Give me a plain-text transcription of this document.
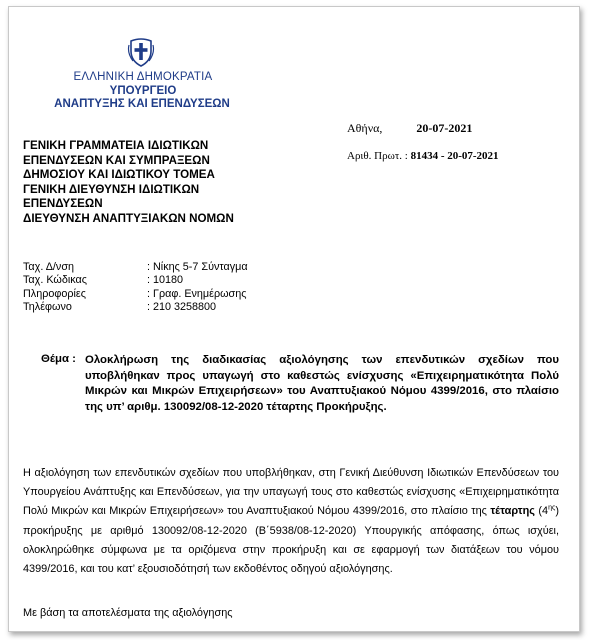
ΕΛΛΗΝΙΚΗ ΔΗΜΟΚΡΑΤΙΑ
ΥΠΟΥΡΓΕΙΟ
ΑΝΑΠΤΥΞΗΣ ΚΑΙ ΕΠΕΝΔΥΣΕΩΝ
Αθήνα,	20-07-2021
Αριθ. Πρωτ. : 81434 - 20-07-2021
ΓΕΝΙΚΗ ΓΡΑΜΜΑΤΕΙΑ ΙΔΙΩΤΙΚΩΝ
ΕΠΕΝΔΥΣΕΩΝ ΚΑΙ ΣΥΜΠΡΑΞΕΩΝ
ΔΗΜΟΣΙΟΥ ΚΑΙ ΙΔΙΩΤΙΚΟΥ ΤΟΜΕΑ
ΓΕΝΙΚΗ ΔΙΕΥΘΥΝΣΗ ΙΔΙΩΤΙΚΩΝ
ΕΠΕΝΔΥΣΕΩΝ
ΔΙΕΥΘΥΝΣΗ ΑΝΑΠΤΥΞΙΑΚΩΝ ΝΟΜΩΝ
Ταχ. Δ/νση	: Νίκης 5-7 Σύνταγμα
Ταχ. Κώδικας	: 10180
Πληροφορίες	: Γραφ. Ενημέρωσης
Τηλέφωνο	: 210 3258800
Θέμα : Ολοκλήρωση της διαδικασίας αξιολόγησης των επενδυτικών σχεδίων που υποβλήθηκαν προς υπαγωγή στο καθεστώς ενίσχυσης «Επιχειρηματικότητα Πολύ Μικρών και Μικρών Επιχειρήσεων» του Αναπτυξιακού Νόμου 4399/2016, στο πλαίσιο της υπ’ αριθμ. 130092/08-12-2020 τέταρτης Προκήρυξης.
Η αξιολόγηση των επενδυτικών σχεδίων που υποβλήθηκαν, στη Γενική Διεύθυνση Ιδιωτικών Επενδύσεων του Υπουργείου Ανάπτυξης και Επενδύσεων, για την υπαγωγή τους στο καθεστώς ενίσχυσης «Επιχειρηματικότητα Πολύ Μικρών και Μικρών Επιχειρήσεων» του Αναπτυξιακού Νόμου 4399/2016, στο πλαίσιο της τέταρτης $(4^{\eta\varsigma})$ προκήρυξης με αριθμό 130092/08-12-2020 (Β΄5938/08-12-2020) Υπουργικής απόφασης, όπως ισχύει, ολοκληρώθηκε σύμφωνα με τα οριζόμενα στην προκήρυξη και σε εφαρμογή των διατάξεων του νόμου 4399/2016, και του κατ’ εξουσιοδότησή των εκδοθέντος οδηγού αξιολόγησης.
Με βάση τα αποτελέσματα της αξιολόγησης
